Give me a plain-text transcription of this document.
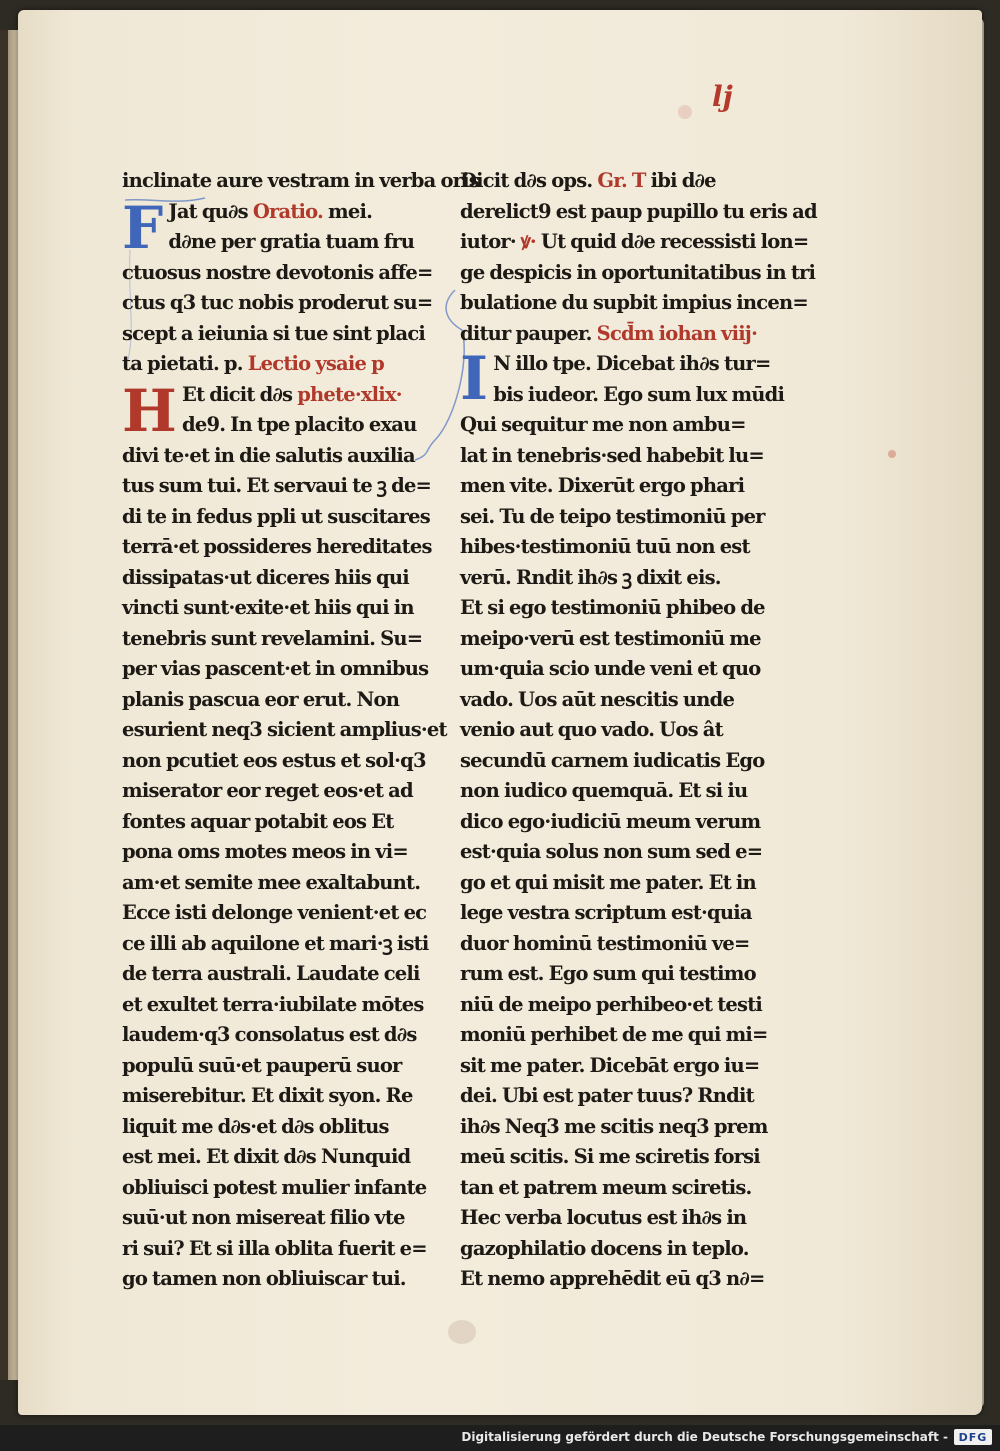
lj
inclinate aure vestram in verba oris
F Jat qu∂s Oratio. mei.
d∂ne per gratia tuam fru
ctuosus nostre devotonis affe=
ctus q3 tuc nobis proderut su=
scept a ieiunia si tue sint placi
ta pietati. p. Lectio ysaie p
H Et dicit d∂s phete·xlix·
de9. In tpe placito exau
divi te·et in die salutis auxilia
tus sum tui. Et servaui te ꝫ de=
di te in fedus ppli ut suscitares
terrā·et possideres hereditates
dissipatas·ut diceres hiis qui
vincti sunt·exite·et hiis qui in
tenebris sunt revelamini. Su=
per vias pascent·et in omnibus
planis pascua eor erut. Non
esurient neq3 sicient amplius·et
non pcutiet eos estus et sol·q3
miserator eor reget eos·et ad
fontes aquar potabit eos Et
pona oms motes meos in vi=
am·et semite mee exaltabunt.
Ecce isti delonge venient·et ec
ce illi ab aquilone et mari·ꝫ isti
de terra australi. Laudate celi
et exultet terra·iubilate mōtes
laudem·q3 consolatus est d∂s
populū suū·et pauperū suor
miserebitur. Et dixit syon. Re
liquit me d∂s·et d∂s oblitus
est mei. Et dixit d∂s Nunquid
obliuisci potest mulier infante
suū·ut non misereat filio vte
ri sui? Et si illa oblita fuerit e=
go tamen non obliuiscar tui.
Dicit d∂s ops. Gr. T ibi d∂e
derelict9 est paup pupillo tu eris ad
iutor· ꝟ· Ut quid d∂e recessisti lon=
ge despicis in oportunitatibus in tri
bulatione du supbit impius incen=
ditur pauper. Scd̄m iohan viij·
I N illo tpe. Dicebat ih∂s tur=
bis iudeor. Ego sum lux mūdi
Qui sequitur me non ambu=
lat in tenebris·sed habebit lu=
men vite. Dixerūt ergo phari
sei. Tu de teipo testimoniū per
hibes·testimoniū tuū non est
verū. Rndit ih∂s ꝫ dixit eis.
Et si ego testimoniū phibeo de
meipo·verū est testimoniū me
um·quia scio unde veni et quo
vado. Uos aūt nescitis unde
venio aut quo vado. Uos ât
secundū carnem iudicatis Ego
non iudico quemquā. Et si iu
dico ego·iudiciū meum verum
est·quia solus non sum sed e=
go et qui misit me pater. Et in
lege vestra scriptum est·quia
duor hominū testimoniū ve=
rum est. Ego sum qui testimo
niū de meipo perhibeo·et testi
moniū perhibet de me qui mi=
sit me pater. Dicebāt ergo iu=
dei. Ubi est pater tuus? Rndit
ih∂s Neq3 me scitis neq3 prem
meū scitis. Si me sciretis forsi
tan et patrem meum sciretis.
Hec verba locutus est ih∂s in
gazophilatio docens in teplo.
Et nemo apprehēdit eū q3 n∂=
Digitalisierung gefördert durch die Deutsche Forschungsgemeinschaft - DFG
